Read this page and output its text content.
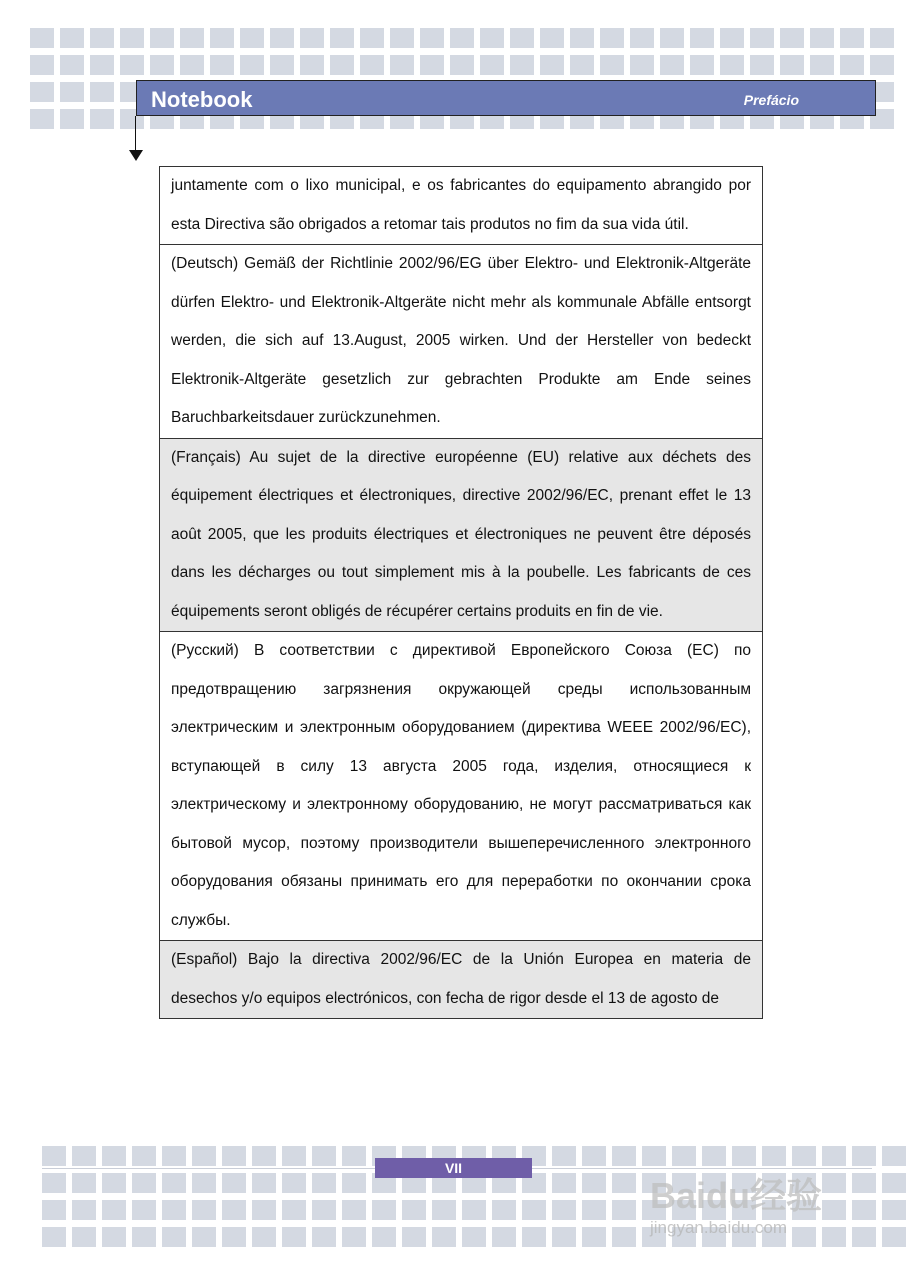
Notebook	Prefácio
juntamente com o lixo municipal, e os fabricantes do equipamento abrangido por esta Directiva são obrigados a retomar tais produtos no fim da sua vida útil.
(Deutsch) Gemäß der Richtlinie 2002/96/EG über Elektro- und Elektronik-Altgeräte dürfen Elektro- und Elektronik-Altgeräte nicht mehr als kommunale Abfälle entsorgt werden, die sich auf 13.August, 2005 wirken. Und der Hersteller von bedeckt Elektronik-Altgeräte gesetzlich zur gebrachten Produkte am Ende seines Baruchbarkeitsdauer zurückzunehmen.
(Français) Au sujet de la directive européenne (EU) relative aux déchets des équipement électriques et électroniques, directive 2002/96/EC, prenant effet le 13 août 2005, que les produits électriques et électroniques ne peuvent être déposés dans les décharges ou tout simplement mis à la poubelle. Les fabricants de ces équipements seront obligés de récupérer certains produits en fin de vie.
(Русский) В соответствии с директивой Европейского Союза (ЕС) по предотвращению загрязнения окружающей среды использованным электрическим и электронным оборудованием (директива WEEE 2002/96/EC), вступающей в силу 13 августа 2005 года, изделия, относящиеся к электрическому и электронному оборудованию, не могут рассматриваться как бытовой мусор, поэтому производители вышеперечисленного электронного оборудования обязаны принимать его для переработки по окончании срока службы.
(Español) Bajo la directiva 2002/96/EC de la Unión Europea en materia de desechos y/o equipos electrónicos, con fecha de rigor desde el 13 de agosto de
VII
Baidu经验
jingyan.baidu.com
